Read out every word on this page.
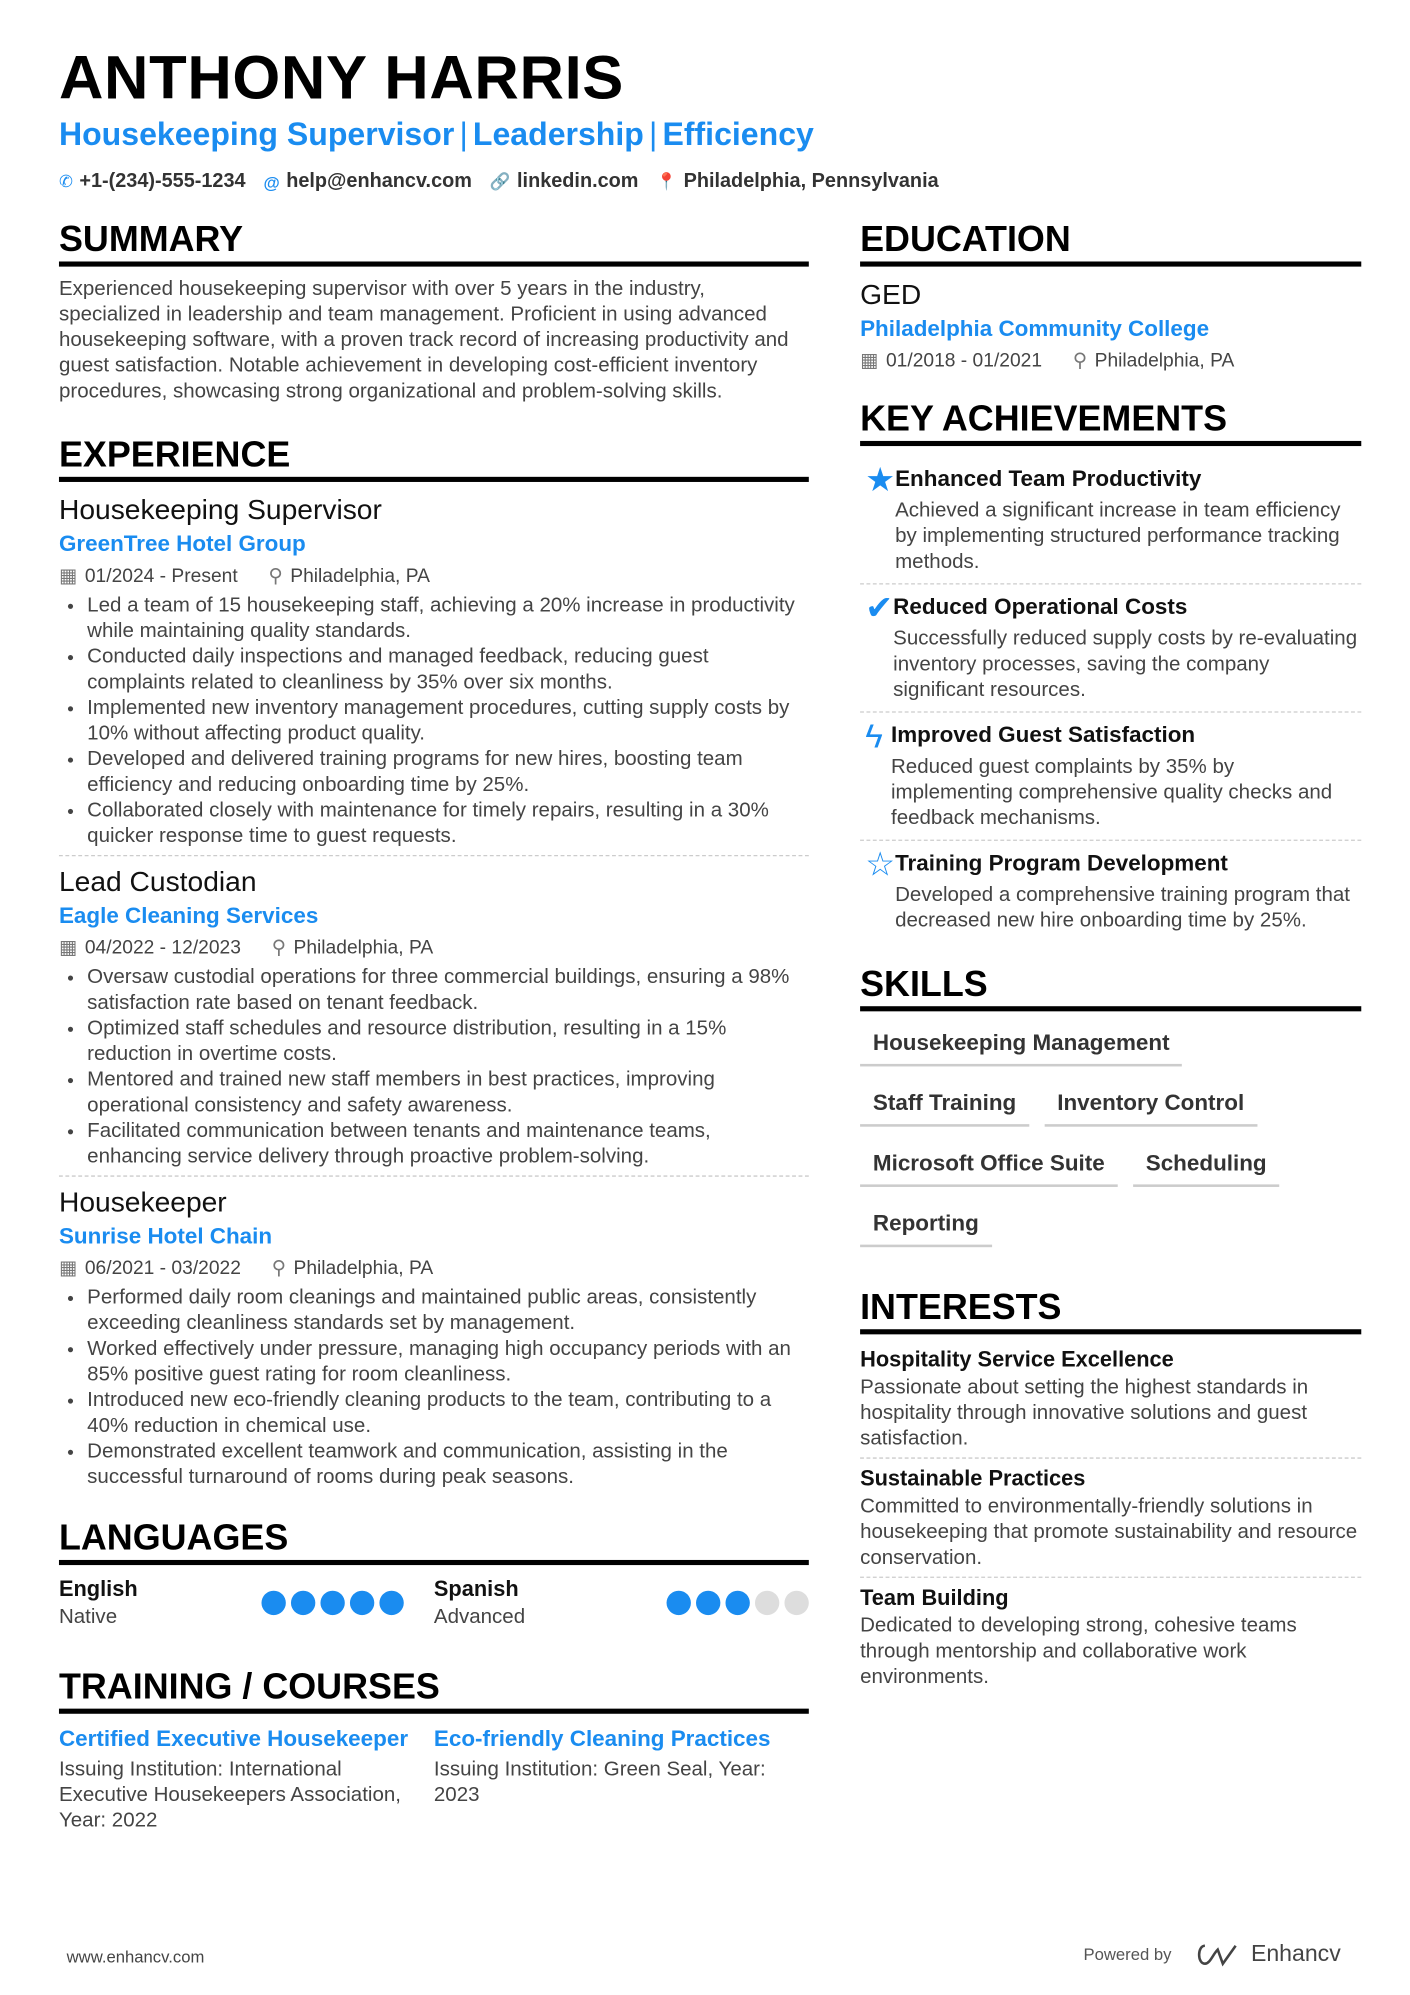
ANTHONY HARRIS
Housekeeping Supervisor | Leadership | Efficiency
✆ +1-(234)-555-1234 @ help@enhancv.com 🔗 linkedin.com 📍 Philadelphia, Pennsylvania
SUMMARY
Experienced housekeeping supervisor with over 5 years in the industry, specialized in leadership and team management. Proficient in using advanced housekeeping software, with a proven track record of increasing productivity and guest satisfaction. Notable achievement in developing cost-efficient inventory procedures, showcasing strong organizational and problem-solving skills.
EXPERIENCE
Housekeeping Supervisor
GreenTree Hotel Group
▦ 01/2024 - Present ⚲ Philadelphia, PA
• Led a team of 15 housekeeping staff, achieving a 20% increase in productivity while maintaining quality standards.
• Conducted daily inspections and managed feedback, reducing guest complaints related to cleanliness by 35% over six months.
• Implemented new inventory management procedures, cutting supply costs by 10% without affecting product quality.
• Developed and delivered training programs for new hires, boosting team efficiency and reducing onboarding time by 25%.
• Collaborated closely with maintenance for timely repairs, resulting in a 30% quicker response time to guest requests.
Lead Custodian
Eagle Cleaning Services
▦ 04/2022 - 12/2023 ⚲ Philadelphia, PA
• Oversaw custodial operations for three commercial buildings, ensuring a 98% satisfaction rate based on tenant feedback.
• Optimized staff schedules and resource distribution, resulting in a 15% reduction in overtime costs.
• Mentored and trained new staff members in best practices, improving operational consistency and safety awareness.
• Facilitated communication between tenants and maintenance teams, enhancing service delivery through proactive problem-solving.
Housekeeper
Sunrise Hotel Chain
▦ 06/2021 - 03/2022 ⚲ Philadelphia, PA
• Performed daily room cleanings and maintained public areas, consistently exceeding cleanliness standards set by management.
• Worked effectively under pressure, managing high occupancy periods with an 85% positive guest rating for room cleanliness.
• Introduced new eco-friendly cleaning products to the team, contributing to a 40% reduction in chemical use.
• Demonstrated excellent teamwork and communication, assisting in the successful turnaround of rooms during peak seasons.
LANGUAGES
English
Native
Spanish
Advanced
TRAINING / COURSES
Certified Executive Housekeeper
Issuing Institution: International Executive Housekeepers Association, Year: 2022
Eco-friendly Cleaning Practices
Issuing Institution: Green Seal, Year: 2023
EDUCATION
GED
Philadelphia Community College
▦ 01/2018 - 01/2021 ⚲ Philadelphia, PA
KEY ACHIEVEMENTS
★ Enhanced Team Productivity
Achieved a significant increase in team efficiency by implementing structured performance tracking methods.
✔ Reduced Operational Costs
Successfully reduced supply costs by re-evaluating inventory processes, saving the company significant resources.
ϟ Improved Guest Satisfaction
Reduced guest complaints by 35% by implementing comprehensive quality checks and feedback mechanisms.
☆ Training Program Development
Developed a comprehensive training program that decreased new hire onboarding time by 25%.
SKILLS
Housekeeping Management
Staff Training	Inventory Control
Microsoft Office Suite	Scheduling
Reporting
INTERESTS
Hospitality Service Excellence
Passionate about setting the highest standards in hospitality through innovative solutions and guest satisfaction.
Sustainable Practices
Committed to environmentally-friendly solutions in housekeeping that promote sustainability and resource conservation.
Team Building
Dedicated to developing strong, cohesive teams through mentorship and collaborative work environments.
www.enhancv.com	Powered by	Enhancv
